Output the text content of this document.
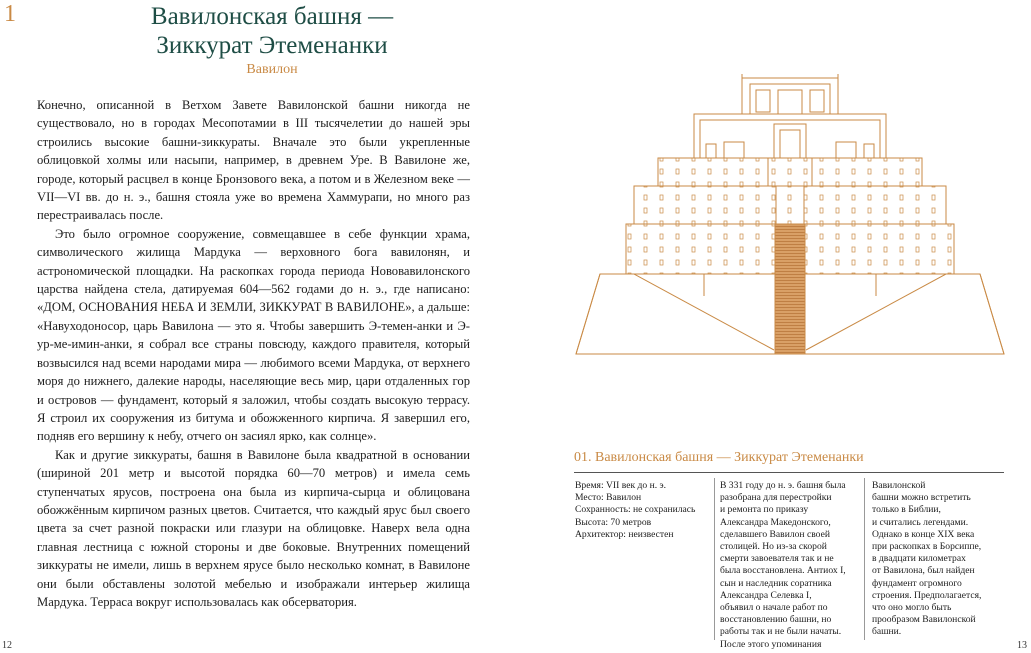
1	Вавилонская башня —
Зиккурат Этеменанки
Вавилон

Конечно, описанной в Ветхом Завете Вавилонской башни никогда не существовало, но в городах Месопотамии в III тысячелетии до нашей эры строились высокие башни-зиккураты. Вначале это были укрепленные облицовкой холмы или насыпи, например, в древнем Уре. В Вавилоне же, городе, который расцвел в конце Бронзового века, а потом и в Железном веке — VII—VI вв. до н. э., башня стояла уже во времена Хаммурапи, но много раз перестраивалась после.

Это было огромное сооружение, совмещавшее в себе функции храма, символического жилища Мардука — верховного бога вавилонян, и астрономической площадки. На раскопках города периода Нововавилонского царства найдена стела, датируемая 604—562 годами до н. э., где написано: «ДОМ, ОСНОВАНИЯ НЕБА И ЗЕМЛИ, ЗИККУРАТ В ВАВИЛОНЕ», а дальше: «Навуходоносор, царь Вавилона — это я. Чтобы завершить Э-темен-анки и Э-ур-ме-имин-анки, я собрал все страны повсюду, каждого правителя, который возвысился над всеми народами мира — любимого всеми Мардука, от верхнего моря до нижнего, далекие народы, населяющие весь мир, цари отдаленных гор и островов — фундамент, который я заложил, чтобы создать высокую террасу. Я строил их сооружения из битума и обожженного кирпича. Я завершил его, подняв его вершину к небу, отчего он засиял ярко, как солнце».

Как и другие зиккураты, башня в Вавилоне была квадратной в основании (шириной 201 метр и высотой порядка 60—70 метров) и имела семь ступенчатых ярусов, построена она была из кирпича-сырца и облицована обожжённым кирпичом разных цветов. Считается, что каждый ярус был своего цвета за счет разной покраски или глазури на облицовке. Наверх вела одна главная лестница с южной стороны и две боковые. Внутренних помещений зиккураты не имели, лишь в верхнем ярусе было несколько комнат, в Вавилоне они были обставлены золотой мебелью и изображали интерьер жилища Мардука. Терраса вокруг использовалась как обсерватория.

12	13
01. Вавилонская башня — Зиккурат Этеменанки
Время: VII век до н. э.
Место: Вавилон
Сохранность: не сохранилась
Высота: 70 метров
Архитектор: неизвестен
В 331 году до н. э. башня была
разобрана для перестройки
и ремонта по приказу
Александра Македонского,
сделавшего Вавилон своей
столицей. Но из-за скорой
смерти завоевателя так и не
была восстановлена. Антиох I,
сын и наследник соратника
Александра Селевка I,
объявил о начале работ по
восстановлению башни, но
работы так и не были начаты.
После этого упоминания
Вавилонской
башни можно встретить
только в Библии,
и считались легендами.
Однако в конце XIX века
при раскопках в Борсиппе,
в двадцати километрах
от Вавилона, был найден
фундамент огромного
строения. Предполагается,
что оно могло быть
прообразом Вавилонской
башни.
